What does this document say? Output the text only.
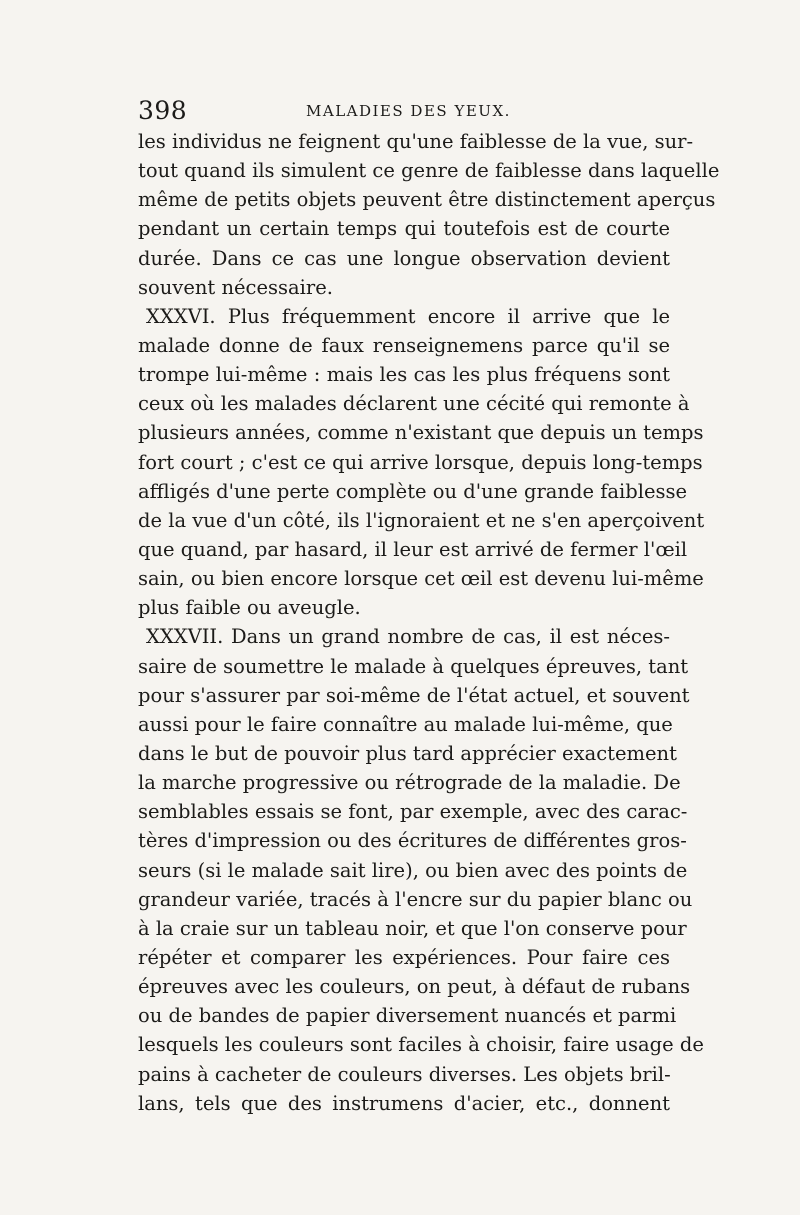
398	MALADIES DES YEUX.
les individus ne feignent qu'une faiblesse de la vue, sur-
tout quand ils simulent ce genre de faiblesse dans laquelle
même de petits objets peuvent être distinctement aperçus
pendant un certain temps qui toutefois est de courte
durée. Dans ce cas une longue observation devient
souvent nécessaire.
XXXVI. Plus fréquemment encore il arrive que le
malade donne de faux renseignemens parce qu'il se
trompe lui-même : mais les cas les plus fréquens sont
ceux où les malades déclarent une cécité qui remonte à
plusieurs années, comme n'existant que depuis un temps
fort court ; c'est ce qui arrive lorsque, depuis long-temps
affligés d'une perte complète ou d'une grande faiblesse
de la vue d'un côté, ils l'ignoraient et ne s'en aperçoivent
que quand, par hasard, il leur est arrivé de fermer l'œil
sain, ou bien encore lorsque cet œil est devenu lui-même
plus faible ou aveugle.
XXXVII. Dans un grand nombre de cas, il est néces-
saire de soumettre le malade à quelques épreuves, tant
pour s'assurer par soi-même de l'état actuel, et souvent
aussi pour le faire connaître au malade lui-même, que
dans le but de pouvoir plus tard apprécier exactement
la marche progressive ou rétrograde de la maladie. De
semblables essais se font, par exemple, avec des carac-
tères d'impression ou des écritures de différentes gros-
seurs (si le malade sait lire), ou bien avec des points de
grandeur variée, tracés à l'encre sur du papier blanc ou
à la craie sur un tableau noir, et que l'on conserve pour
répéter et comparer les expériences. Pour faire ces
épreuves avec les couleurs, on peut, à défaut de rubans
ou de bandes de papier diversement nuancés et parmi
lesquels les couleurs sont faciles à choisir, faire usage de
pains à cacheter de couleurs diverses. Les objets bril-
lans, tels que des instrumens d'acier, etc., donnent
